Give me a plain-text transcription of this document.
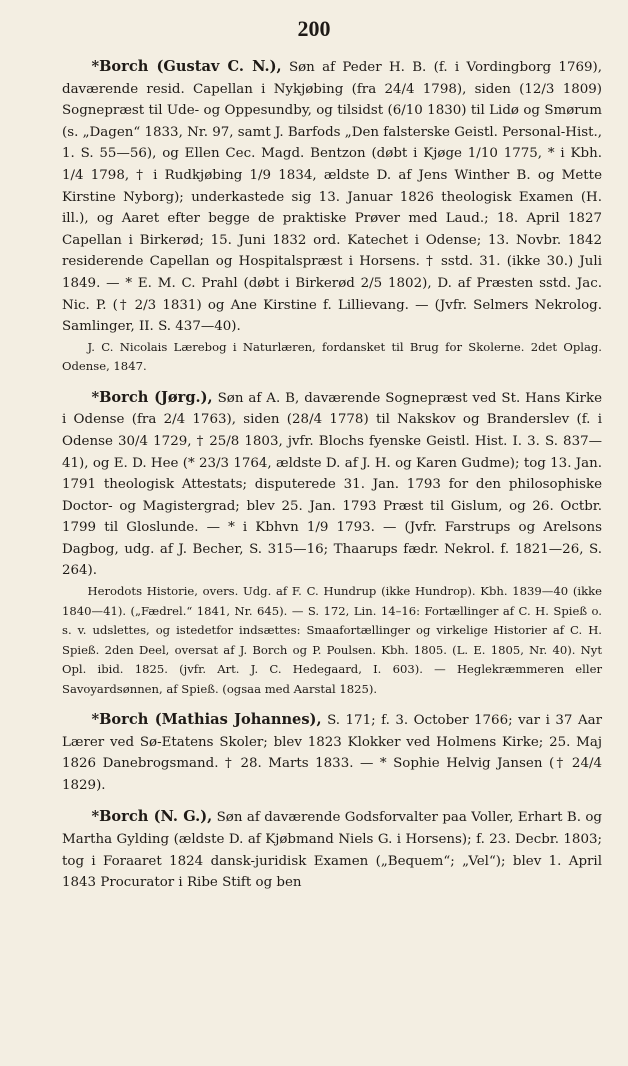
200

*Borch (Gustav C. N.), Søn af Peder H. B. (f. i Vordingborg 1769), daværende resid. Capellan i Nykjøbing (fra 24/4 1798), siden (12/3 1809) Sognepræst til Ude- og Oppesundby, og tilsidst (6/10 1830) til Lidø og Smørum (s. „Dagen“ 1833, Nr. 97, samt J. Barfods „Den falsterske Geistl. Personal-Hist., 1. S. 55—56), og Ellen Cec. Magd. Bentzon (døbt i Kjøge 1/10 1775, * i Kbh. 1/4 1798, † i Rudkjøbing 1/9 1834, ældste D. af Jens Winther B. og Mette Kirstine Nyborg); underkastede sig 13. Januar 1826 theologisk Examen (H. ill.), og Aaret efter begge de praktiske Prøver med Laud.; 18. April 1827 Capellan i Birkerød; 15. Juni 1832 ord. Katechet i Odense; 13. Novbr. 1842 residerende Capellan og Hospitalspræst i Horsens. † sstd. 31. (ikke 30.) Juli 1849. — * E. M. C. Prahl (døbt i Birkerød 2/5 1802), D. af Præsten sstd. Jac. Nic. P. († 2/3 1831) og Ane Kirstine f. Lillievang. — (Jvfr. Selmers Nekrolog. Samlinger, II. S. 437—40).

J. C. Nicolais Lærebog i Naturlæren, fordansket til Brug for Skolerne. 2det Oplag. Odense, 1847.

*Borch (Jørg.), Søn af A. B, daværende Sognepræst ved St. Hans Kirke i Odense (fra 2/4 1763), siden (28/4 1778) til Nakskov og Branderslev (f. i Odense 30/4 1729, † 25/8 1803, jvfr. Blochs fyenske Geistl. Hist. I. 3. S. 837—41), og E. D. Hee (* 23/3 1764, ældste D. af J. H. og Karen Gudme); tog 13. Jan. 1791 theologisk Attestats; disputerede 31. Jan. 1793 for den philosophiske Doctor- og Magistergrad; blev 25. Jan. 1793 Præst til Gislum, og 26. Octbr. 1799 til Gloslunde. — * i Kbhvn 1/9 1793. — (Jvfr. Farstrups og Arelsons Dagbog, udg. af J. Becher, S. 315—16; Thaarups fædr. Nekrol. f. 1821—26, S. 264).

Herodots Historie, overs. Udg. af F. C. Hundrup (ikke Hundrop). Kbh. 1839—40 (ikke 1840—41). („Fædrel.“ 1841, Nr. 645). — S. 172, Lin. 14–16: Fortællinger af C. H. Spieß o. s. v. udslettes, og istedetfor indsættes: Smaafortællinger og virkelige Historier af C. H. Spieß. 2den Deel, oversat af J. Borch og P. Poulsen. Kbh. 1805. (L. E. 1805, Nr. 40). Nyt Opl. ibid. 1825. (jvfr. Art. J. C. Hedegaard, I. 603). — Heglekræmmeren eller Savoyardsønnen, af Spieß. (ogsaa med Aarstal 1825).

*Borch (Mathias Johannes), S. 171; f. 3. October 1766; var i 37 Aar Lærer ved Sø-Etatens Skoler; blev 1823 Klokker ved Holmens Kirke; 25. Maj 1826 Danebrogsmand. † 28. Marts 1833. — * Sophie Helvig Jansen († 24/4 1829).

*Borch (N. G.), Søn af daværende Godsforvalter paa Voller, Erhart B. og Martha Gylding (ældste D. af Kjøbmand Niels G. i Horsens); f. 23. Decbr. 1803; tog i Foraaret 1824 dansk-juridisk Examen („Bequem“; „Vel“); blev 1. April 1843 Procurator i Ribe Stift og ben
